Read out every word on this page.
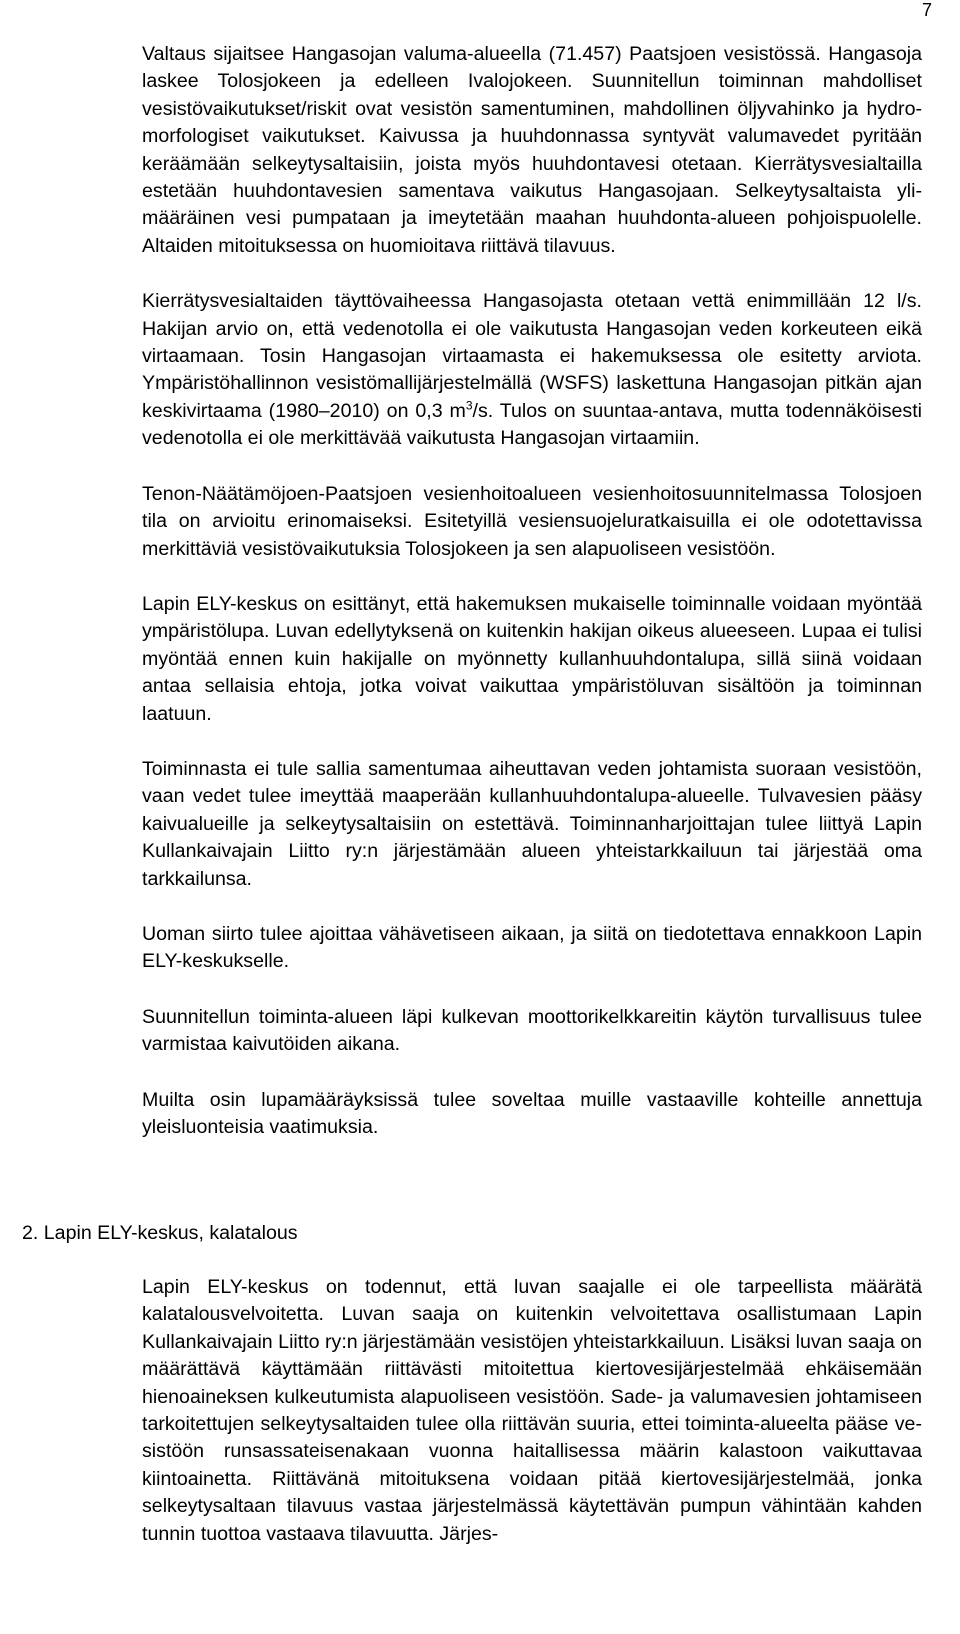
7

Valtaus sijaitsee Hangasojan valuma-alueella (71.457) Paatsjoen vesistössä. Hangasoja laskee Tolosjokeen ja edelleen Ivalojokeen. Suunnitellun toiminnan mahdolliset vesistövaikutukset/riskit ovat vesistön samentuminen, mahdollinen öljyvahinko ja hydro-morfologiset vaikutukset. Kaivussa ja huuhdonnassa syntyvät valumavedet pyritään keräämään selkeytysaltaisiin, joista myös huuhdontavesi otetaan. Kierrätysvesialtailla estetään huuhdontavesien samentava vaikutus Hangasojaan. Selkeytysaltaista ylimääräinen vesi pumpataan ja imeytetään maahan huuhdonta-alueen pohjoispuolelle. Altaiden mitoituksessa on huomioitava riittävä tilavuus.

Kierrätysvesialtaiden täyttövaiheessa Hangasojasta otetaan vettä enimmillään 12 l/s. Hakijan arvio on, että vedenotolla ei ole vaikutusta Hangasojan veden korkeuteen eikä virtaamaan. Tosin Hangasojan virtaamasta ei hakemuksessa ole esitetty arviota. Ympäristöhallinnon vesistömallijärjestelmällä (WSFS) laskettuna Hangasojan pitkän ajan keskivirtaama (1980–2010) on 0,3 $m^3/s$. Tulos on suuntaa-antava, mutta todennäköisesti vedenotolla ei ole merkittävää vaikutusta Hangasojan virtaamiin.

Tenon-Näätämöjoen-Paatsjoen vesienhoitoalueen vesienhoitosuunnitelmassa Tolosjoen tila on arvioitu erinomaiseksi. Esitetyillä vesiensuojeluratkaisuilla ei ole odotettavissa merkittäviä vesistövaikutuksia Tolosjokeen ja sen alapuoliseen vesistöön.

Lapin ELY-keskus on esittänyt, että hakemuksen mukaiselle toiminnalle voidaan myöntää ympäristölupa. Luvan edellytyksenä on kuitenkin hakijan oikeus alueeseen. Lupaa ei tulisi myöntää ennen kuin hakijalle on myönnetty kullanhuuhdontalupa, sillä siinä voidaan antaa sellaisia ehtoja, jotka voivat vaikuttaa ympäristöluvan sisältöön ja toiminnan laatuun.

Toiminnasta ei tule sallia samentumaa aiheuttavan veden johtamista suoraan vesistöön, vaan vedet tulee imeyttää maaperään kullanhuuhdontalupa-alueelle. Tulvavesien pääsy kaivualueille ja selkeytysaltaisiin on estettävä. Toiminnanharjoittajan tulee liittyä Lapin Kullankaivajain Liitto ry:n järjestämään alueen yhteistarkkailuun tai järjestää oma tarkkailunsa.

Uoman siirto tulee ajoittaa vähävetiseen aikaan, ja siitä on tiedotettava ennakkoon Lapin ELY-keskukselle.

Suunnitellun toiminta-alueen läpi kulkevan moottorikelkkareitin käytön turvallisuus tulee varmistaa kaivutöiden aikana.

Muilta osin lupamääräyksissä tulee soveltaa muille vastaaville kohteille annettuja yleisluonteisia vaatimuksia.

2. Lapin ELY-keskus, kalatalous

Lapin ELY-keskus on todennut, että luvan saajalle ei ole tarpeellista määrätä kalatalousvelvoitetta. Luvan saaja on kuitenkin velvoitettava osallistumaan Lapin Kullankaivajain Liitto ry:n järjestämään vesistöjen yhteistarkkailuun. Lisäksi luvan saaja on määrättävä käyttämään riittävästi mitoitettua kiertovesijärjestelmää ehkäisemään hienoaineksen kulkeutumista alapuoliseen vesistöön. Sade- ja valumavesien johtamiseen tarkoitettujen selkeytysaltaiden tulee olla riittävän suuria, ettei toiminta-alueelta pääse vesistöön runsassateisenakaan vuonna haitallisessa määrin kalastoon vaikuttavaa kiintoainetta. Riittävänä mitoituksena voidaan pitää kiertovesijärjestelmää, jonka selkeytysaltaan tilavuus vastaa järjestelmässä käytettävän pumpun vähintään kahden tunnin tuottoa vastaava tilavuutta. Järjes-
